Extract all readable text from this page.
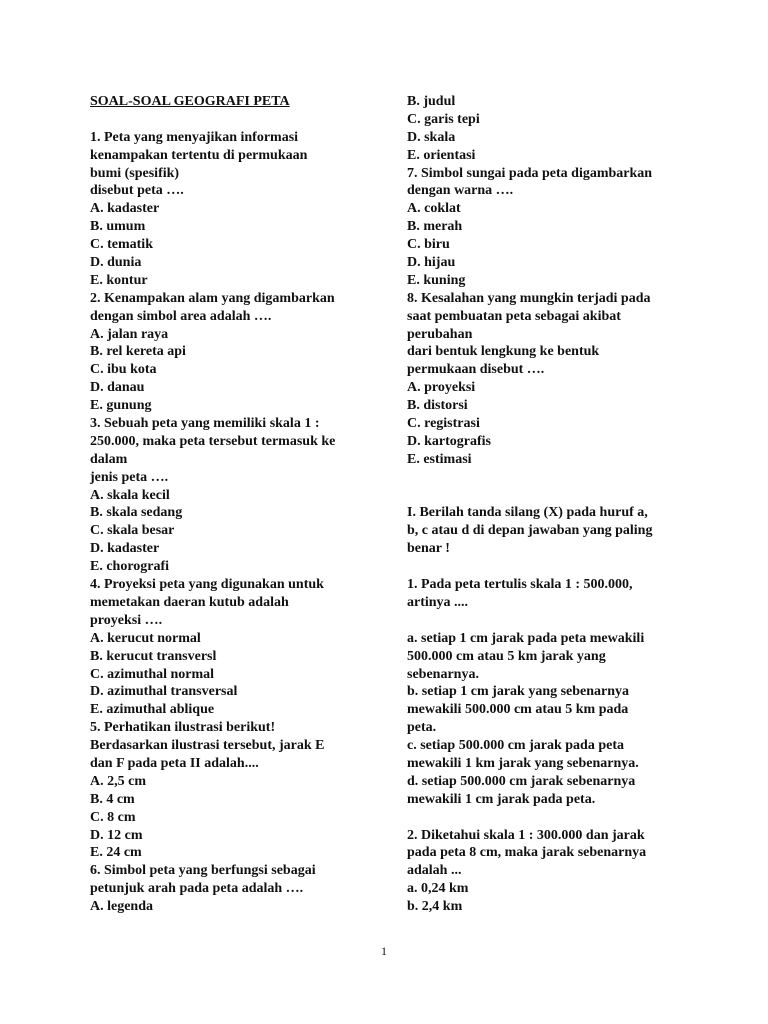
SOAL-SOAL GEOGRAFI PETA
1. Peta yang menyajikan informasi
kenampakan tertentu di permukaan
bumi (spesifik)
disebut peta ….
A. kadaster
B. umum
C. tematik
D. dunia
E. kontur
2. Kenampakan alam yang digambarkan
dengan simbol area adalah ….
A. jalan raya
B. rel kereta api
C. ibu kota
D. danau
E. gunung
3. Sebuah peta yang memiliki skala 1 :
250.000, maka peta tersebut termasuk ke
dalam
jenis peta ….
A. skala kecil
B. skala sedang
C. skala besar
D. kadaster
E. chorografi
4. Proyeksi peta yang digunakan untuk
memetakan daeran kutub adalah
proyeksi ….
A. kerucut normal
B. kerucut transversl
C. azimuthal normal
D. azimuthal transversal
E. azimuthal ablique
5. Perhatikan ilustrasi berikut!
Berdasarkan ilustrasi tersebut, jarak E
dan F pada peta II adalah....
A. 2,5 cm
B. 4 cm
C. 8 cm
D. 12 cm
E. 24 cm
6. Simbol peta yang berfungsi sebagai
petunjuk arah pada peta adalah ….
A. legenda
B. judul
C. garis tepi
D. skala
E. orientasi
7. Simbol sungai pada peta digambarkan
dengan warna ….
A. coklat
B. merah
C. biru
D. hijau
E. kuning
8. Kesalahan yang mungkin terjadi pada
saat pembuatan peta sebagai akibat
perubahan
dari bentuk lengkung ke bentuk
permukaan disebut ….
A. proyeksi
B. distorsi
C. registrasi
D. kartografis
E. estimasi
I. Berilah tanda silang (X) pada huruf a,
b, c atau d di depan jawaban yang paling
benar !
1. Pada peta tertulis skala 1 : 500.000,
artinya ....
a. setiap 1 cm jarak pada peta mewakili
500.000 cm atau 5 km jarak yang
sebenarnya.
b. setiap 1 cm jarak yang sebenarnya
mewakili 500.000 cm atau 5 km pada
peta.
c. setiap 500.000 cm jarak pada peta
mewakili 1 km jarak yang sebenarnya.
d. setiap 500.000 cm jarak sebenarnya
mewakili 1 cm jarak pada peta.
2. Diketahui skala 1 : 300.000 dan jarak
pada peta 8 cm, maka jarak sebenarnya
adalah ...
a. 0,24 km
b. 2,4 km
1
